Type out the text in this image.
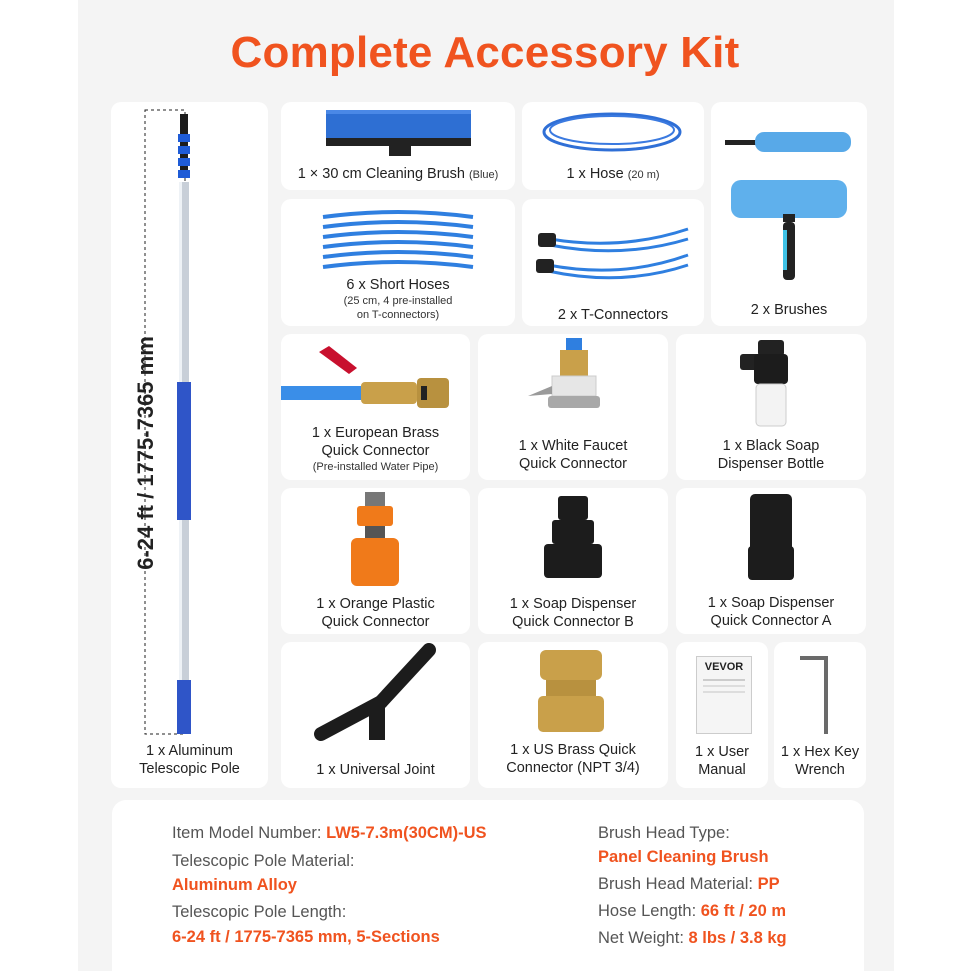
Complete Accessory Kit
6-24 ft / 1775-7365 mm
1 x Aluminum
Telescopic Pole
1 × 30 cm Cleaning Brush (Blue)	1 x Hose (20 m)
2 x Brushes
6 x Short Hoses
(25 cm, 4 pre-installed
on T-connectors)	2 x T-Connectors
1 x European Brass
Quick Connector
(Pre-installed Water Pipe)
1 x White Faucet
Quick Connector
1 x Black Soap
Dispenser Bottle
1 x Orange Plastic
Quick Connector
1 x Soap Dispenser
Quick Connector B
1 x Soap Dispenser
Quick Connector A
1 x Universal Joint
1 x US Brass Quick
Connector (NPT 3/4)
VEVOR
1 x User
Manual
1 x Hex Key
Wrench
Item Model Number: LW5-7.3m(30CM)-US
Telescopic Pole Material:
Aluminum Alloy
Telescopic Pole Length:
6-24 ft / 1775-7365 mm, 5-Sections
Brush Head Type:
Panel Cleaning Brush
Brush Head Material: PP
Hose Length: 66 ft / 20 m
Net Weight: 8 lbs / 3.8 kg
